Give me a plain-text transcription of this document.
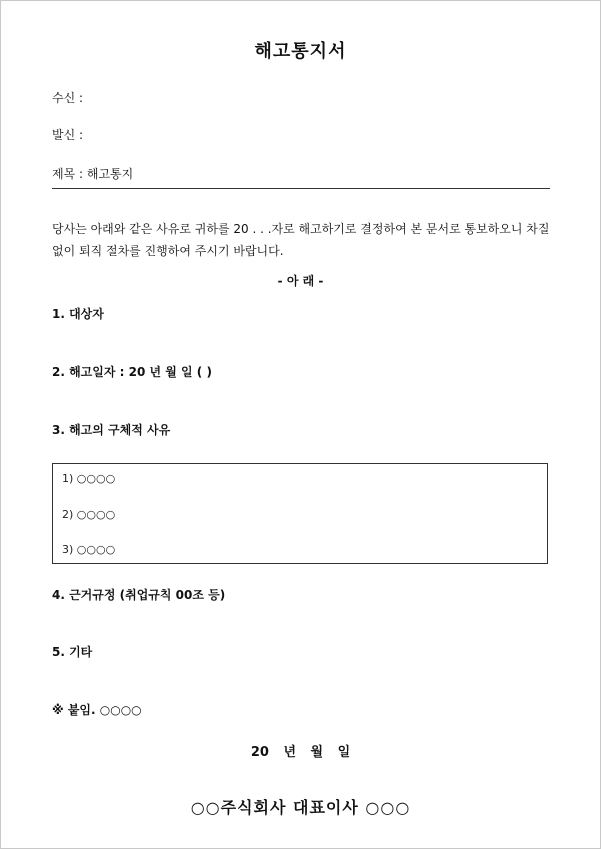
해고통지서
수신 :
발신 :
제목 : 해고통지
당사는 아래와 같은 사유로 귀하를 20 . . .자로 해고하기로 결정하여 본 문서로 통보하오니 차질 없이 퇴직 절차를 진행하여 주시기 바랍니다.
- 아 래 -
1. 대상자
2. 해고일자 : 20 년 월 일 ( )
3. 해고의 구체적 사유
1) ○○○○
2) ○○○○
3) ○○○○
4. 근거규정 (취업규칙 00조 등)
5. 기타
※ 붙임. ○○○○
20 년 월 일
○○주식회사 대표이사 ○○○
